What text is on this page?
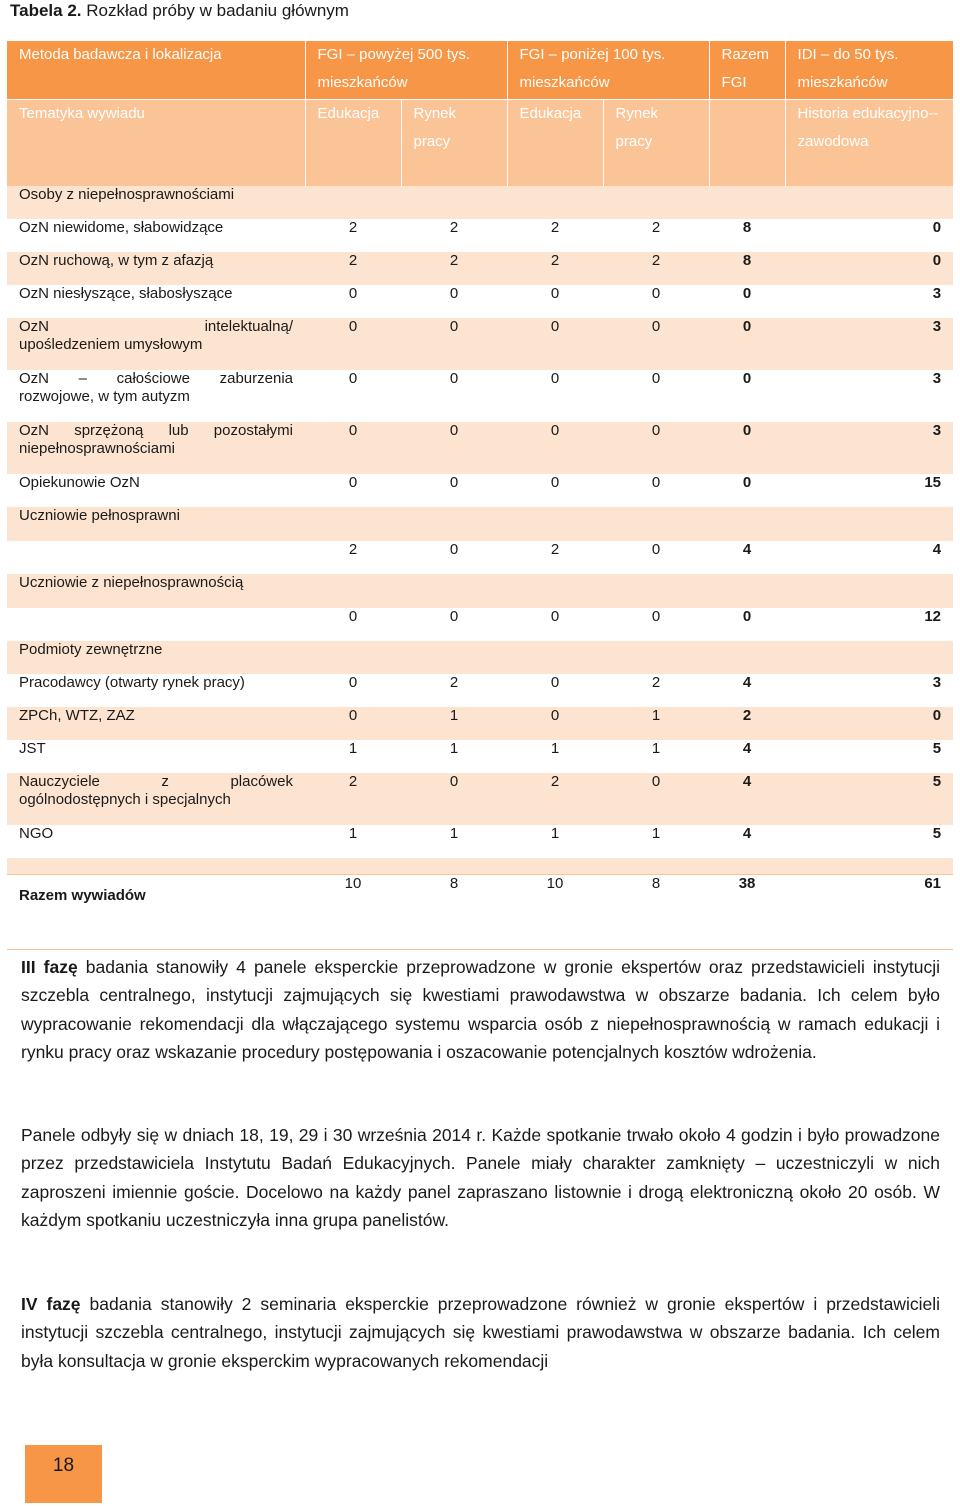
Tabela 2. Rozkład próby w badaniu głównym
Metoda badawcza i lokalizacja	FGI – powyżej 500 tys. mieszkańców		FGI – poniżej 100 tys. mieszkańców		Razem FGI	IDI – do 50 tys. mieszkańców
Tematyka wywiadu	Edukacja	Rynek pracy	Edukacja	Rynek pracy		Historia edukacyjno--zawodowa
Osoby z niepełnosprawnościami						
OzN niewidome, słabowidzące	2	2	2	2	8	0
OzN ruchową, w tym z afazją	2	2	2	2	8	0
OzN niesłyszące, słabosłyszące	0	0	0	0	0	3

OzN intelektualną/
upośledzeniem umysłowym	0	0	0	0	0	3

OzN – całościowe zaburzenia
rozwojowe, w tym autyzm	0	0	0	0	0	3

OzN sprzężoną lub pozostałymi
niepełnosprawnościami	0	0	0	0	0	3
Opiekunowie OzN	0	0	0	0	0	15
Uczniowie pełnosprawni						
	2	0	2	0	4	4
Uczniowie z niepełnosprawnością						
	0	0	0	0	0	12
Podmioty zewnętrzne						
Pracodawcy (otwarty rynek pracy)	0	2	0	2	4	3
ZPCh, WTZ, ZAZ	0	1	0	1	2	0
JST	1	1	1	1	4	5

Nauczyciele z placówek
ogólnodostępnych i specjalnych	2	0	2	0	4	5
NGO	1	1	1	1	4	5

Razem wywiadów	10	8	10	8	38	61
III fazę badania stanowiły 4 panele eksperckie przeprowadzone w gronie ekspertów oraz przedstawicieli instytucji szczebla centralnego, instytucji zajmujących się kwestiami prawodawstwa w obszarze badania. Ich celem było wypracowanie rekomendacji dla włączającego systemu wsparcia osób z niepełnosprawnością w ramach edukacji i rynku pracy oraz wskazanie procedury postępowania i oszacowanie potencjalnych kosztów wdrożenia.
Panele odbyły się w dniach 18, 19, 29 i 30 września 2014 r. Każde spotkanie trwało około 4 godzin i było prowadzone przez przedstawiciela Instytutu Badań Edukacyjnych. Panele miały charakter zamknięty – uczestniczyli w nich zaproszeni imiennie goście. Docelowo na każdy panel zapraszano listownie i drogą elektroniczną około 20 osób. W każdym spotkaniu uczestniczyła inna grupa panelistów.
IV fazę badania stanowiły 2 seminaria eksperckie przeprowadzone również w gronie ekspertów i przedstawicieli instytucji szczebla centralnego, instytucji zajmujących się kwestiami prawodawstwa w obszarze badania. Ich celem była konsultacja w gronie eksperckim wypracowanych rekomendacji
18
